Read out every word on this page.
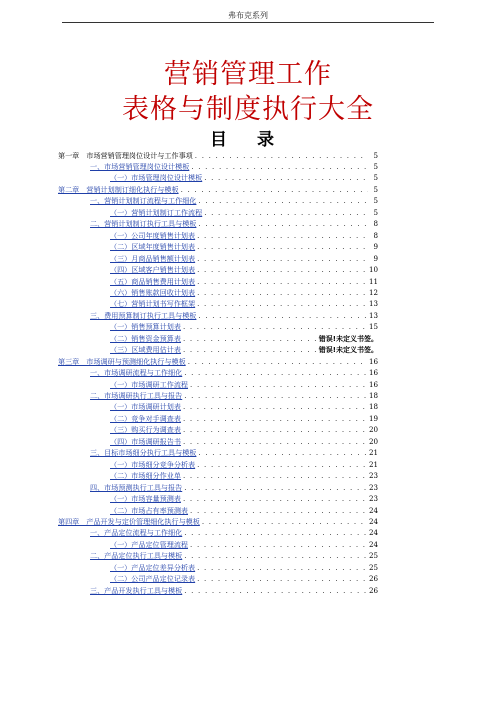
弗布克系列
营销管理工作
表格与制度执行大全
目 录
第一章　市场营销管理岗位设计与工作事项 . . .	5
一、市场营销管理岗位设计模板 . . .	5
（一）市场管理岗位设计模板 . . .	5
第二章　营销计划制订细化执行与模板 . . .	5
一、营销计划制订流程与工作细化 . . .	5
（一）营销计划制订工作流程 . . .	5
二、营销计划制订执行工具与模板 . . .	8
（一）公司年度销售计划表 . . .	8
（二）区域年度销售计划表 . . .	9
（三）月商品销售额计划表 . . .	9
（四）区域客户销售计划表 . . .	10
（五）商品销售费用计划表 . . .	11
（六）销售账款回收计划表 . . .	12
（七）营销计划书写作框架 . . .	13
三、费用预算制订执行工具与模板 . . .	13
（一）销售预算计划表 . . .	15
（二）销售资金预算表 . . .	错误!未定义书签。
（三）区域费用估计表 . . .	错误!未定义书签。
第三章　市场调研与预测细化执行与模板 . . .	16
一、市场调研流程与工作细化 . . .	16
（一）市场调研工作流程 . . .	16
二、市场调研执行工具与报告 . . .	18
（一）市场调研计划表 . . .	18
（二）竞争对手调查表 . . .	19
（三）购买行为调查表 . . .	20
（四）市场调研报告书 . . .	20
三、目标市场细分执行工具与模板 . . .	21
（一）市场细分竞争分析表 . . .	21
（二）市场细分作业单 . . .	23
四、市场预测执行工具与报告 . . .	23
（一）市场容量预测表 . . .	23
（二）市场占有率预测表 . . .	24
第四章　产品开发与定价管理细化执行与模板 . . .	24
一、产品定位流程与工作细化 . . .	24
（一）产品定位管理流程 . . .	24
二、产品定位执行工具与模板 . . .	25
（一）产品定位差异分析表 . . .	25
（二）公司产品定位记录表 . . .	26
三、产品开发执行工具与模板 . . .	26
